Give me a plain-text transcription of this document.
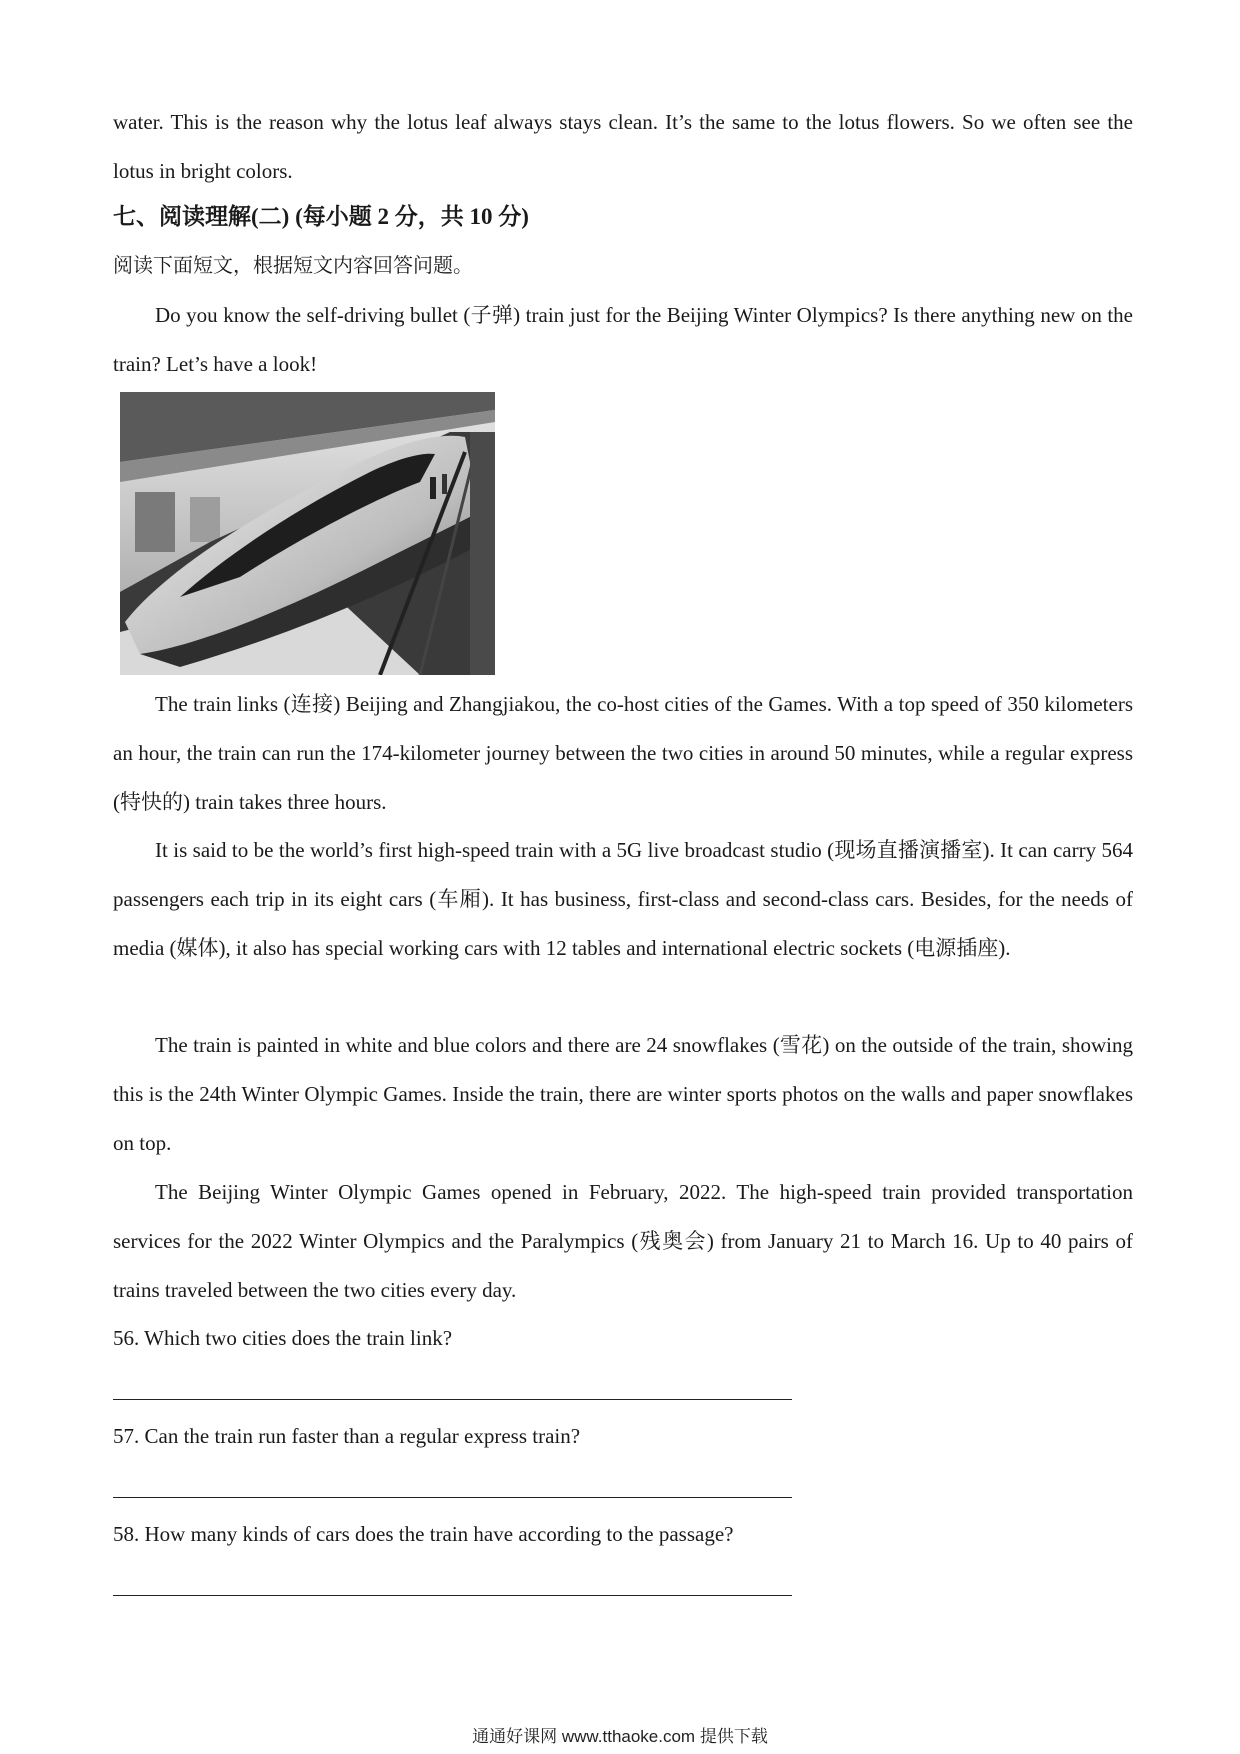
water. This is the reason why the lotus leaf always stays clean. It’s the same to the lotus flowers. So we often see the lotus in bright colors.

七、阅读理解(二) (每小题 2 分，共 10 分)

阅读下面短文，根据短文内容回答问题。

Do you know the self-driving bullet (子弹) train just for the Beijing Winter Olympics? Is there anything new on the train? Let’s have a look!

The train links (连接) Beijing and Zhangjiakou, the co-host cities of the Games. With a top speed of 350 kilometers an hour, the train can run the 174-kilometer journey between the two cities in around 50 minutes, while a regular express (特快的) train takes three hours.

It is said to be the world’s first high-speed train with a 5G live broadcast studio (现场直播演播室). It can carry 564 passengers each trip in its eight cars (车厢). It has business, first-class and second-class cars. Besides, for the needs of media (媒体), it also has special working cars with 12 tables and international electric sockets (电源插座).

The train is painted in white and blue colors and there are 24 snowflakes (雪花) on the outside of the train, showing this is the 24th Winter Olympic Games. Inside the train, there are winter sports photos on the walls and paper snowflakes on top.

The Beijing Winter Olympic Games opened in February, 2022. The high-speed train provided transportation services for the 2022 Winter Olympics and the Paralympics (残奥会) from January 21 to March 16. Up to 40 pairs of trains traveled between the two cities every day.

56. Which two cities does the train link?

57. Can the train run faster than a regular express train?

58. How many kinds of cars does the train have according to the passage?

通通好课网 www.tthaoke.com 提供下载
